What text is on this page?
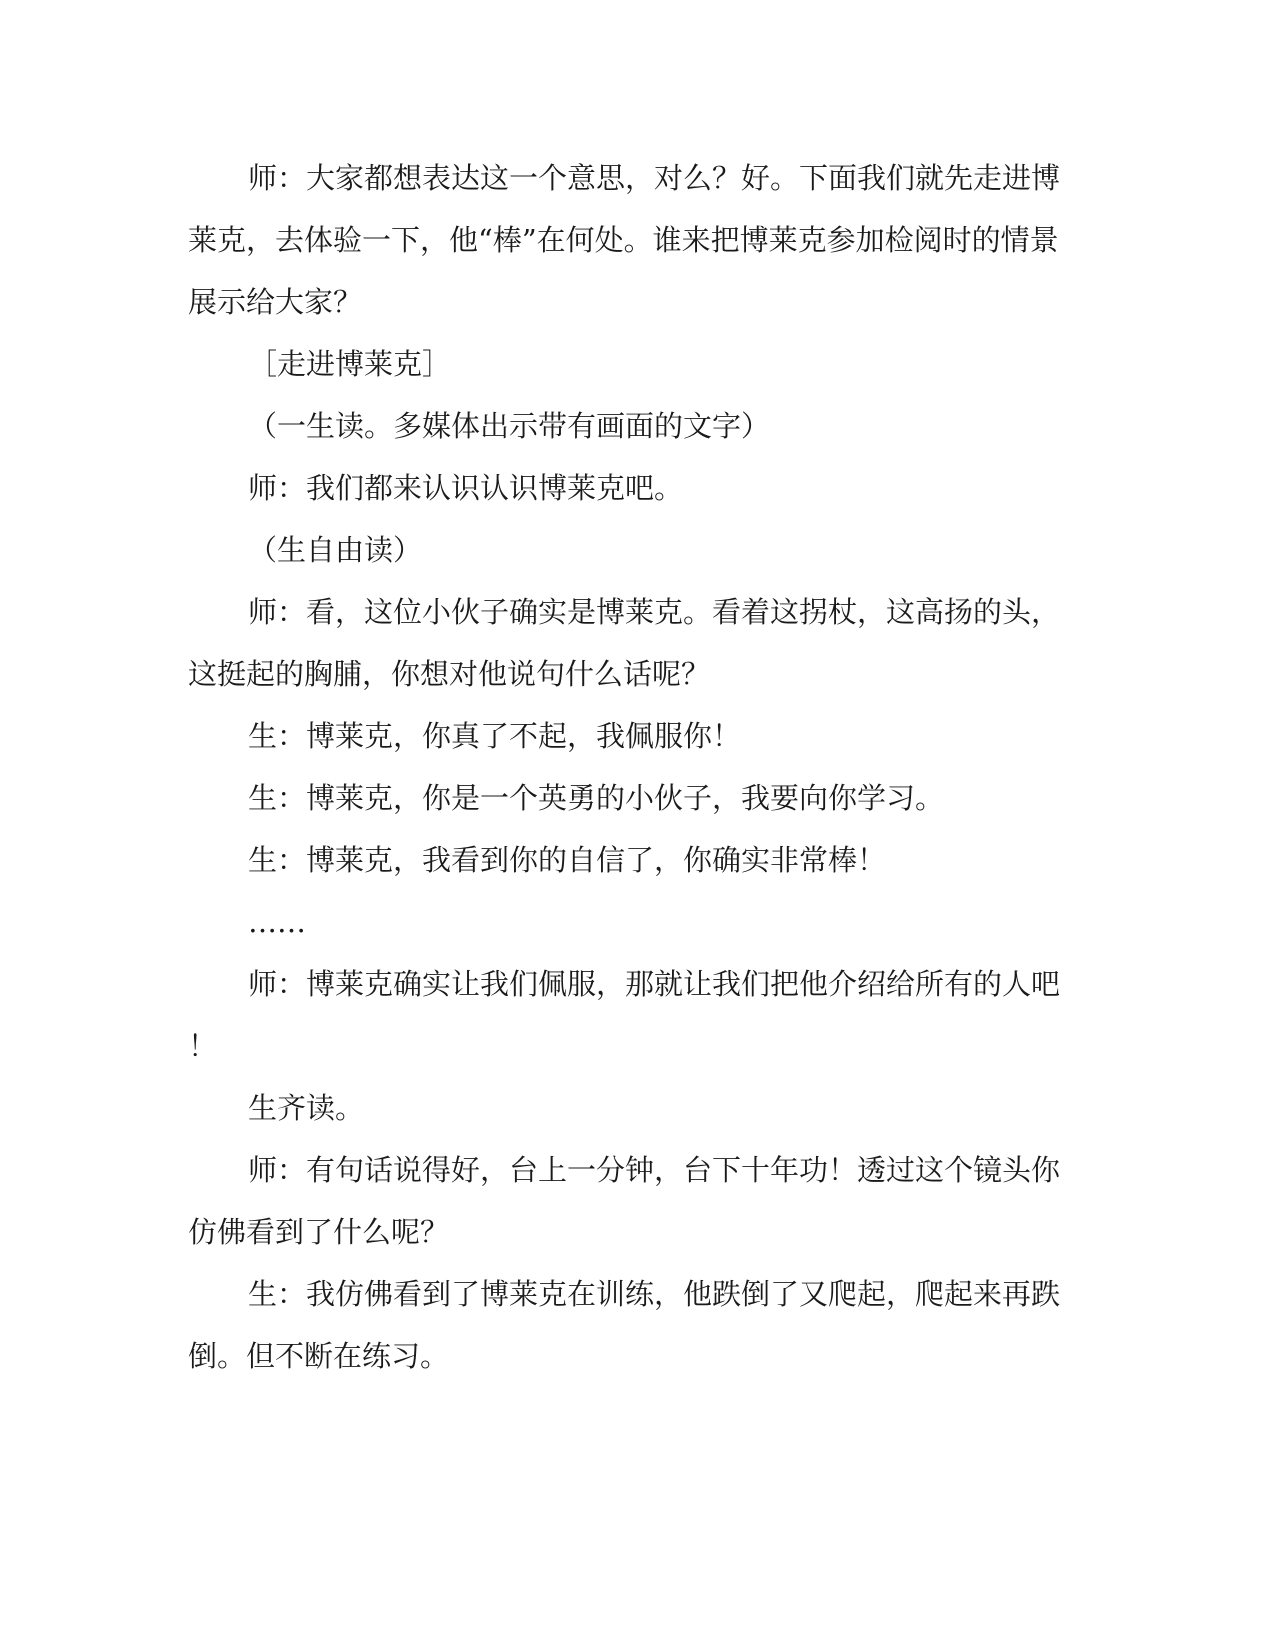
师：大家都想表达这一个意思，对么？好。下面我们就先走进博
莱克，去体验一下，他“棒”在何处。谁来把博莱克参加检阅时的情景
展示给大家？
［走进博莱克］
（一生读。多媒体出示带有画面的文字）
师：我们都来认识认识博莱克吧。
（生自由读）
师：看，这位小伙子确实是博莱克。看着这拐杖，这高扬的头，
这挺起的胸脯，你想对他说句什么话呢？
生：博莱克，你真了不起，我佩服你！
生：博莱克，你是一个英勇的小伙子，我要向你学习。
生：博莱克，我看到你的自信了，你确实非常棒！
……
师：博莱克确实让我们佩服，那就让我们把他介绍给所有的人吧
！
生齐读。
师：有句话说得好，台上一分钟，台下十年功！透过这个镜头你
仿佛看到了什么呢？
生：我仿佛看到了博莱克在训练，他跌倒了又爬起，爬起来再跌
倒。但不断在练习。
